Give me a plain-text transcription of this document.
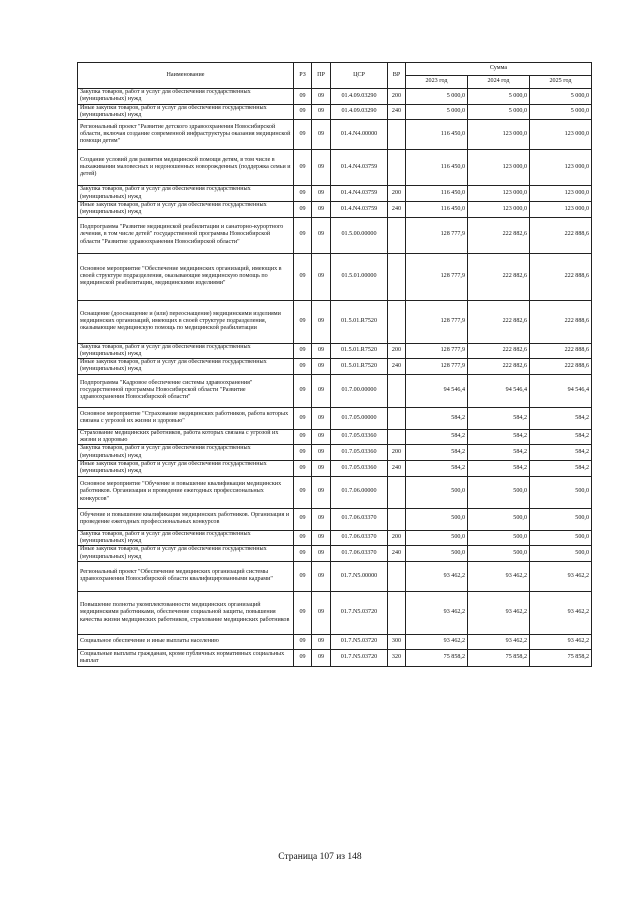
Наименование	РЗ	ПР	ЦСР	ВР	Сумма		
					2023 год	2024 год	2025 год
Закупка товаров, работ и услуг для обеспечения государственных (муниципальных) нужд	09	09	01.4.09.03290	200	5 000,0	5 000,0	5 000,0
Иные закупки товаров, работ и услуг для обеспечения государственных (муниципальных) нужд	09	09	01.4.09.03290	240	5 000,0	5 000,0	5 000,0
Региональный проект "Развитие детского здравоохранения Новосибирской области, включая создание современной инфраструктуры оказания медицинской помощи детям"	09	09	01.4.N4.00000		116 450,0	123 000,0	123 000,0
Создание условий для развития медицинской помощи детям, в том числе в выхаживании маловесных и недоношенных новорожденных (поддержка семьи и детей)	09	09	01.4.N4.03759		116 450,0	123 000,0	123 000,0
Закупка товаров, работ и услуг для обеспечения государственных (муниципальных) нужд	09	09	01.4.N4.03759	200	116 450,0	123 000,0	123 000,0
Иные закупки товаров, работ и услуг для обеспечения государственных (муниципальных) нужд	09	09	01.4.N4.03759	240	116 450,0	123 000,0	123 000,0
Подпрограмма "Развитие медицинской реабилитации и санаторно-курортного лечения, в том числе детей" государственной программы Новосибирской области "Развитие здравоохранения Новосибирской области"	09	09	01.5.00.00000		128 777,9	222 882,6	222 888,6
Основное мероприятие "Обеспечение медицинских организаций, имеющих в своей структуре подразделения, оказывающие медицинскую помощь по медицинской реабилитации, медицинскими изделиями"	09	09	01.5.01.00000		128 777,9	222 882,6	222 888,6
Оснащение (дооснащение и (или) переоснащение) медицинскими изделиями медицинских организаций, имеющих в своей структуре подразделения, оказывающие медицинскую помощь по медицинской реабилитации	09	09	01.5.01.R7520		128 777,9	222 882,6	222 888,6
Закупка товаров, работ и услуг для обеспечения государственных (муниципальных) нужд	09	09	01.5.01.R7520	200	128 777,9	222 882,6	222 888,6
Иные закупки товаров, работ и услуг для обеспечения государственных (муниципальных) нужд	09	09	01.5.01.R7520	240	128 777,9	222 882,6	222 888,6
Подпрограмма "Кадровое обеспечение системы здравоохранения" государственной программы Новосибирской области "Развитие здравоохранения Новосибирской области"	09	09	01.7.00.00000		94 546,4	94 546,4	94 546,4
Основное мероприятие "Страхование медицинских работников, работа которых связана с угрозой их жизни и здоровью"	09	09	01.7.05.00000		584,2	584,2	584,2
Страхование медицинских работников, работа которых связана с угрозой их жизни и здоровью	09	09	01.7.05.03360		584,2	584,2	584,2
Закупка товаров, работ и услуг для обеспечения государственных (муниципальных) нужд	09	09	01.7.05.03360	200	584,2	584,2	584,2
Иные закупки товаров, работ и услуг для обеспечения государственных (муниципальных) нужд	09	09	01.7.05.03360	240	584,2	584,2	584,2
Основное мероприятие "Обучение и повышение квалификации медицинских работников. Организация и проведение ежегодных профессиональных конкурсов"	09	09	01.7.06.00000		500,0	500,0	500,0
Обучение и повышение квалификации медицинских работников. Организация и проведение ежегодных профессиональных конкурсов	09	09	01.7.06.03370		500,0	500,0	500,0
Закупка товаров, работ и услуг для обеспечения государственных (муниципальных) нужд	09	09	01.7.06.03370	200	500,0	500,0	500,0
Иные закупки товаров, работ и услуг для обеспечения государственных (муниципальных) нужд	09	09	01.7.06.03370	240	500,0	500,0	500,0
Региональный проект "Обеспечение медицинских организаций системы здравоохранения Новосибирской области квалифицированными кадрами"	09	09	01.7.N5.00000		93 462,2	93 462,2	93 462,2
Повышение полноты укомплектованности медицинских организаций медицинскими работниками, обеспечение социальной защиты, повышения качества жизни медицинских работников, страхование медицинских работников	09	09	01.7.N5.03720		93 462,2	93 462,2	93 462,2
Социальное обеспечение и иные выплаты населению	09	09	01.7.N5.03720	300	93 462,2	93 462,2	93 462,2
Социальные выплаты гражданам, кроме публичных нормативных социальных выплат	09	09	01.7.N5.03720	320	75 858,2	75 858,2	75 858,2
Страница 107 из 148
